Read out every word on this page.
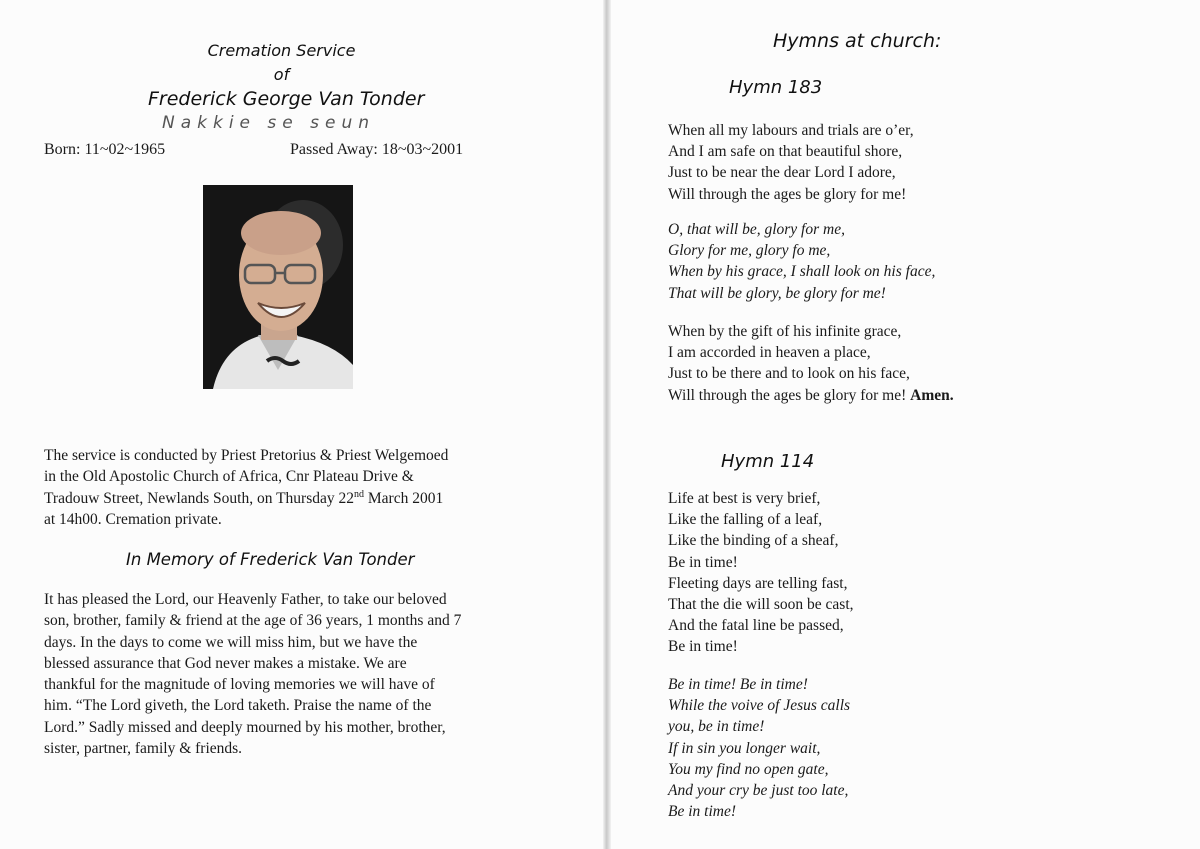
Cremation Service
of
Frederick George Van Tonder
Nakkie se seun
Born: 11~02~1965	Passed Away: 18~03~2001
The service is conducted by Priest Pretorius & Priest Welgemoed
in the Old Apostolic Church of Africa, Cnr Plateau Drive &
Tradouw Street, Newlands South, on Thursday 22nd March 2001
at 14h00. Cremation private.
In Memory of Frederick Van Tonder
It has pleased the Lord, our Heavenly Father, to take our beloved
son, brother, family & friend at the age of 36 years, 1 months and 7
days. In the days to come we will miss him, but we have the
blessed assurance that God never makes a mistake. We are
thankful for the magnitude of loving memories we will have of
him. “The Lord giveth, the Lord taketh. Praise the name of the
Lord.” Sadly missed and deeply mourned by his mother, brother,
sister, partner, family & friends.
Hymns at church:
Hymn 183
When all my labours and trials are o’er,
And I am safe on that beautiful shore,
Just to be near the dear Lord I adore,
Will through the ages be glory for me!
O, that will be, glory for me,
Glory for me, glory fo me,
When by his grace, I shall look on his face,
That will be glory, be glory for me!
When by the gift of his infinite grace,
I am accorded in heaven a place,
Just to be there and to look on his face,
Will through the ages be glory for me! Amen.
Hymn 114
Life at best is very brief,
Like the falling of a leaf,
Like the binding of a sheaf,
Be in time!
Fleeting days are telling fast,
That the die will soon be cast,
And the fatal line be passed,
Be in time!
Be in time! Be in time!
While the voive of Jesus calls
you, be in time!
If in sin you longer wait,
You my find no open gate,
And your cry be just too late,
Be in time!
